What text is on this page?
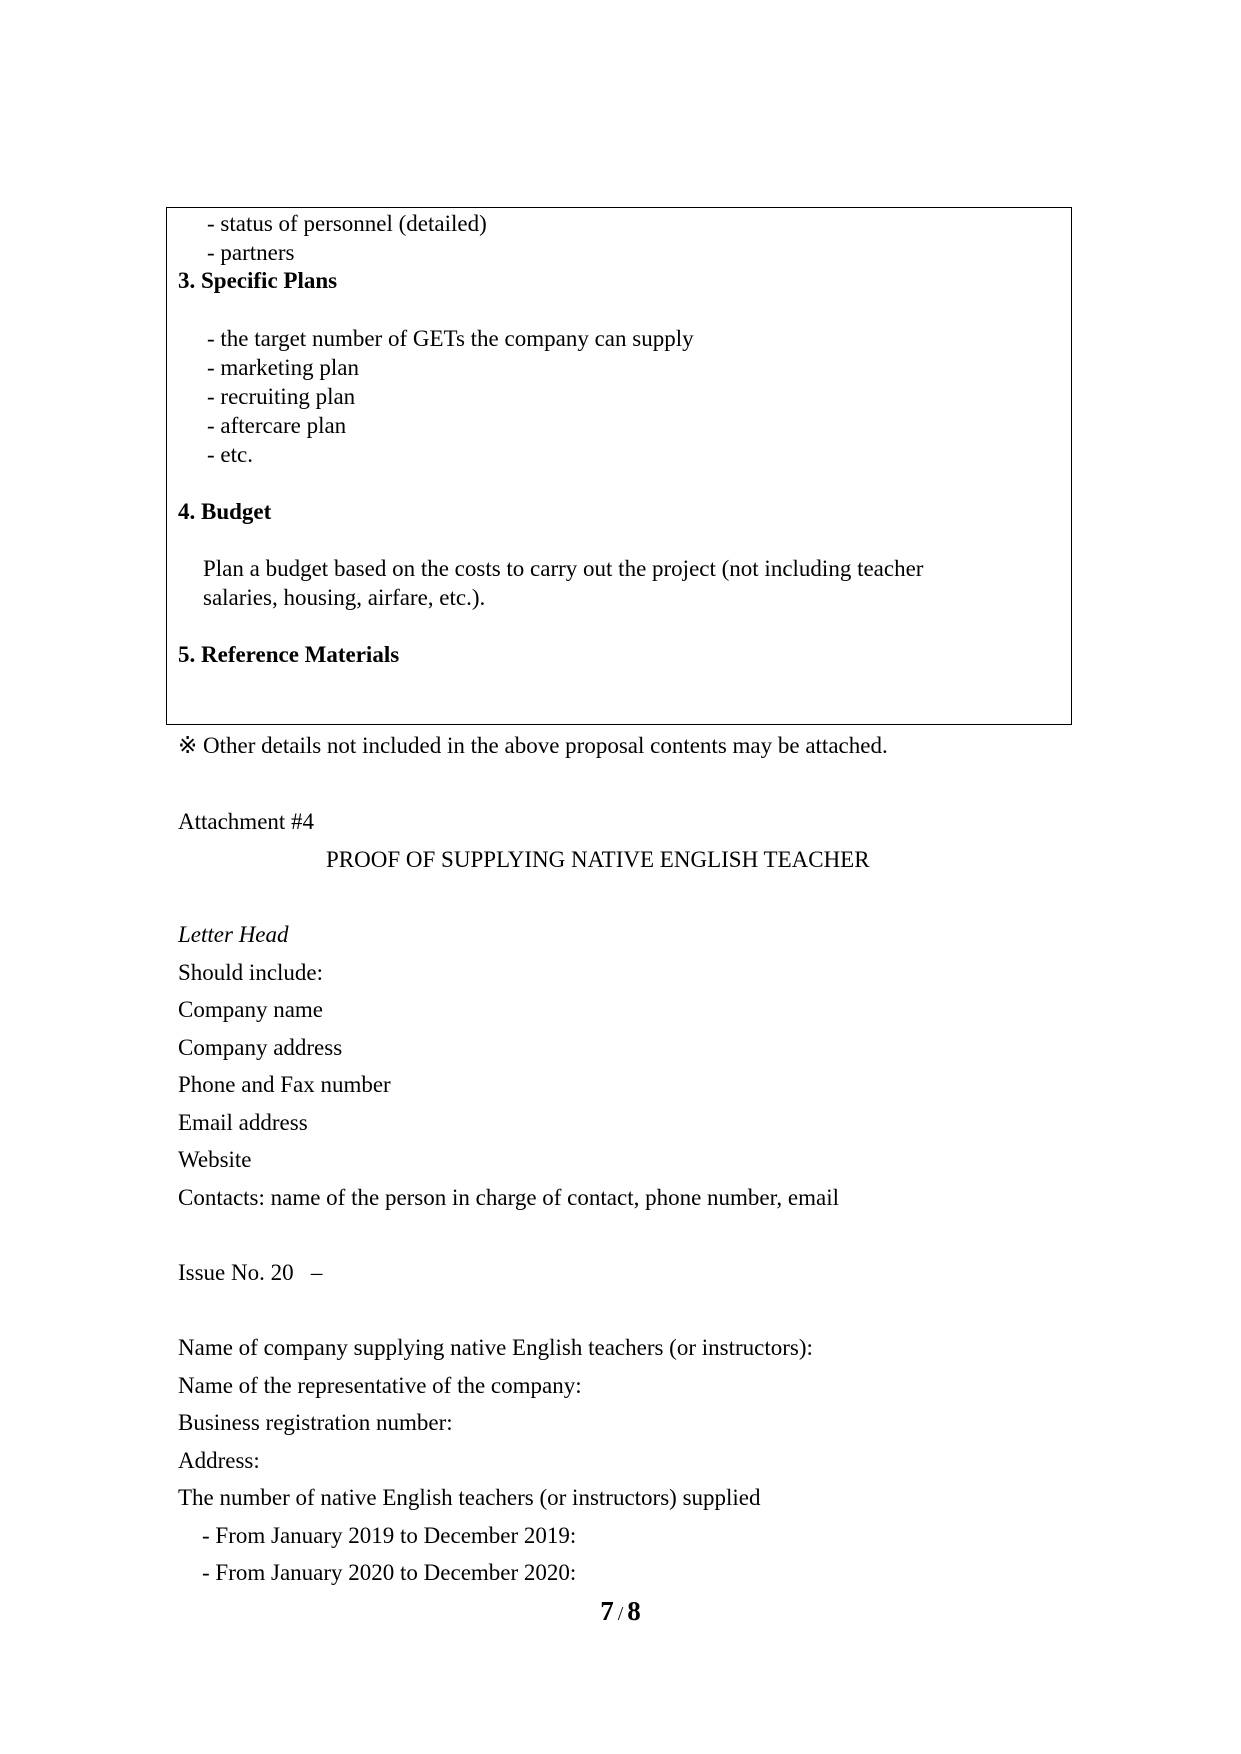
- status of personnel (detailed)
- partners
3. Specific Plans
- the target number of GETs the company can supply
- marketing plan
- recruiting plan
- aftercare plan
- etc.
4. Budget
Plan a budget based on the costs to carry out the project (not including teacher
salaries, housing, airfare, etc.).
5. Reference Materials
※ Other details not included in the above proposal contents may be attached.
Attachment #4
PROOF OF SUPPLYING NATIVE ENGLISH TEACHER
Letter Head
Should include:
Company name
Company address
Phone and Fax number
Email address
Website
Contacts: name of the person in charge of contact, phone number, email
Issue No. 20   –
Name of company supplying native English teachers (or instructors):
Name of the representative of the company:
Business registration number:
Address:
The number of native English teachers (or instructors) supplied
- From January 2019 to December 2019:
- From January 2020 to December 2020:
7 / 8
